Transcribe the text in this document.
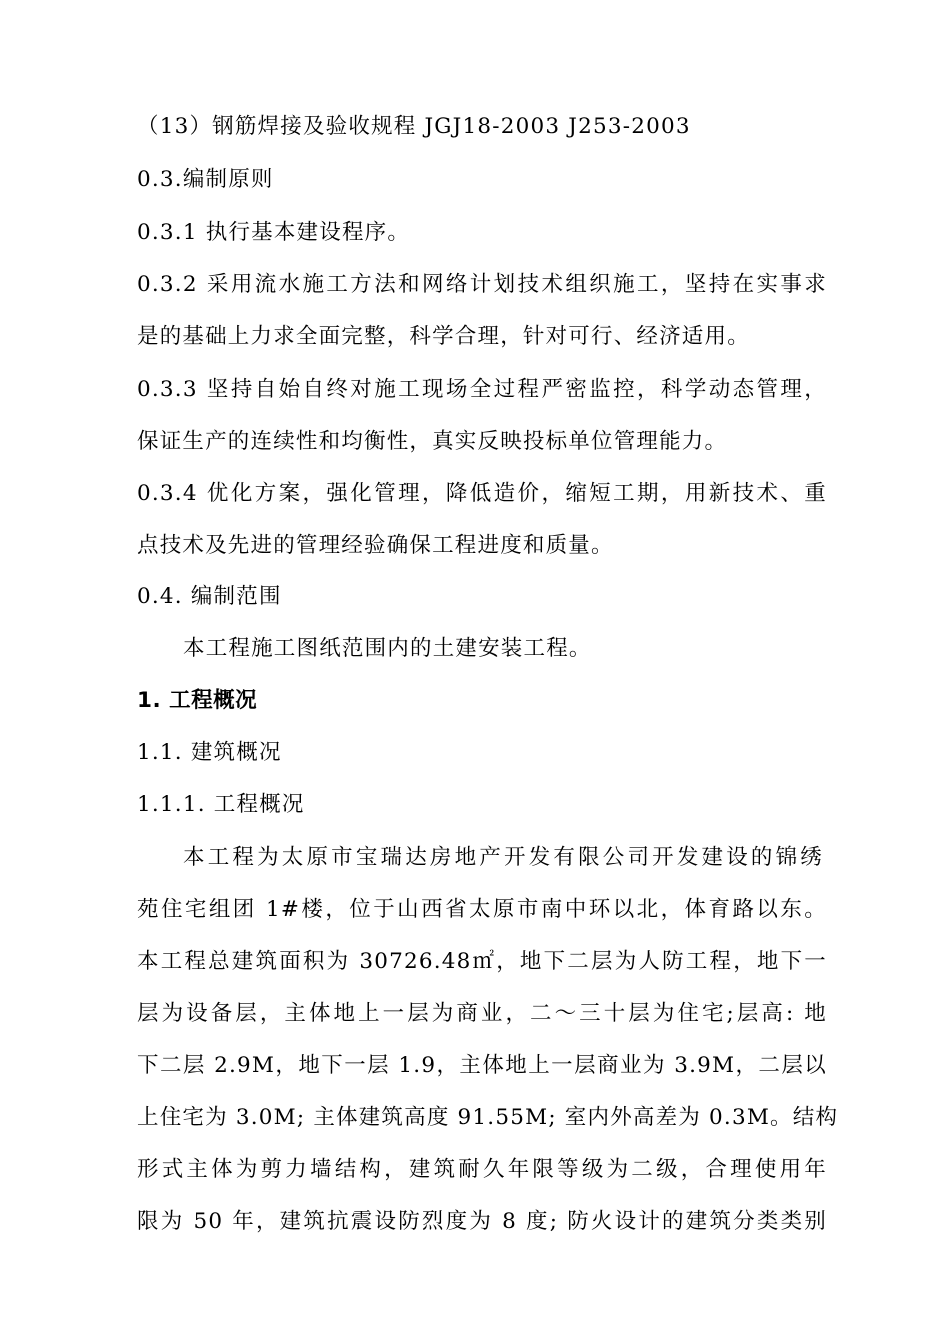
（13）钢筋焊接及验收规程 JGJ18-2003 J253-2003
0.3.编制原则
0.3.1 执行基本建设程序。
0.3.2 采用流水施工方法和网络计划技术组织施工，坚持在实事求
是的基础上力求全面完整，科学合理，针对可行、经济适用。
0.3.3 坚持自始自终对施工现场全过程严密监控，科学动态管理，
保证生产的连续性和均衡性，真实反映投标单位管理能力。
0.3.4 优化方案，强化管理，降低造价，缩短工期，用新技术、重
点技术及先进的管理经验确保工程进度和质量。
0.4. 编制范围
本工程施工图纸范围内的土建安装工程。
1. 工程概况
1.1. 建筑概况
1.1.1. 工程概况
本工程为太原市宝瑞达房地产开发有限公司开发建设的锦绣
苑住宅组团 1#楼，位于山西省太原市南中环以北，体育路以东。
本工程总建筑面积为 30726.48㎡，地下二层为人防工程，地下一
层为设备层，主体地上一层为商业，二～三十层为住宅;层高: 地
下二层 2.9M，地下一层 1.9，主体地上一层商业为 3.9M，二层以
上住宅为 3.0M; 主体建筑高度 91.55M; 室内外高差为 0.3M。结构
形式主体为剪力墙结构，建筑耐久年限等级为二级，合理使用年
限为 50 年，建筑抗震设防烈度为 8 度; 防火设计的建筑分类类别
